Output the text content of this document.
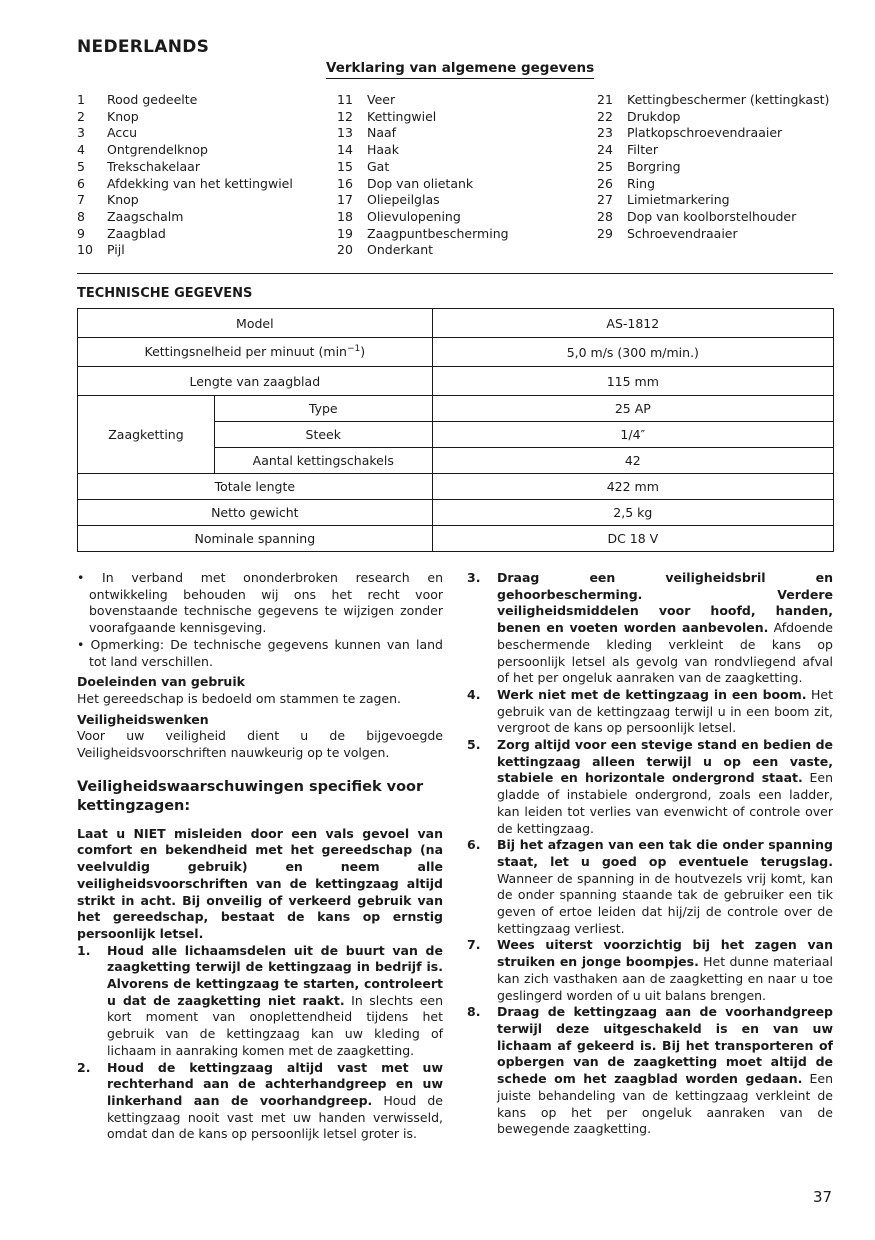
NEDERLANDS
Verklaring van algemene gegevens
1	Rood gedeelte
2	Knop
3	Accu
4	Ontgrendelknop
5	Trekschakelaar
6	Afdekking van het kettingwiel
7	Knop
8	Zaagschalm
9	Zaagblad
10	Pijl
11	Veer
12	Kettingwiel
13	Naaf
14	Haak
15	Gat
16	Dop van olietank
17	Oliepeilglas
18	Olievulopening
19	Zaagpuntbescherming
20	Onderkant
21	Kettingbeschermer (kettingkast)
22	Drukdop
23	Platkopschroevendraaier
24	Filter
25	Borgring
26	Ring
27	Limietmarkering
28	Dop van koolborstelhouder
29	Schroevendraaier
TECHNISCHE GEGEVENS
Model		AS-1812
Kettingsnelheid per minuut $(\min^{-1})$		5,0 m/s (300 m/min.)
Lengte van zaagblad		115 mm
Zaagketting	Type	25 AP
	Steek	1/4″
	Aantal kettingschakels	42
Totale lengte		422 mm
Netto gewicht		2,5 kg
Nominale spanning		DC 18 V
• In verband met ononderbroken research en ontwikkeling behouden wij ons het recht voor bovenstaande technische gegevens te wijzigen zonder voorafgaande kennisgeving.
• Opmerking: De technische gegevens kunnen van land tot land verschillen.
Doeleinden van gebruik
Het gereedschap is bedoeld om stammen te zagen.
Veiligheidswenken
Voor uw veiligheid dient u de bijgevoegde Veiligheidsvoorschriften nauwkeurig op te volgen.
Veiligheidswaarschuwingen specifiek voor kettingzagen:
Laat u NIET misleiden door een vals gevoel van comfort en bekendheid met het gereedschap (na veelvuldig gebruik) en neem alle veiligheidsvoorschriften van de kettingzaag altijd strikt in acht. Bij onveilig of verkeerd gebruik van het gereedschap, bestaat de kans op ernstig persoonlijk letsel.
1.	Houd alle lichaamsdelen uit de buurt van de zaagketting terwijl de kettingzaag in bedrijf is. Alvorens de kettingzaag te starten, controleert u dat de zaagketting niet raakt. In slechts een kort moment van onoplettendheid tijdens het gebruik van de kettingzaag kan uw kleding of lichaam in aanraking komen met de zaagketting.
2.	Houd de kettingzaag altijd vast met uw rechterhand aan de achterhandgreep en uw linkerhand aan de voorhandgreep. Houd de kettingzaag nooit vast met uw handen verwisseld, omdat dan de kans op persoonlijk letsel groter is.
3.	Draag een veiligheidsbril en gehoorbescherming. Verdere veiligheidsmiddelen voor hoofd, handen, benen en voeten worden aanbevolen. Afdoende beschermende kleding verkleint de kans op persoonlijk letsel als gevolg van rondvliegend afval of het per ongeluk aanraken van de zaagketting.
4.	Werk niet met de kettingzaag in een boom. Het gebruik van de kettingzaag terwijl u in een boom zit, vergroot de kans op persoonlijk letsel.
5.	Zorg altijd voor een stevige stand en bedien de kettingzaag alleen terwijl u op een vaste, stabiele en horizontale ondergrond staat. Een gladde of instabiele ondergrond, zoals een ladder, kan leiden tot verlies van evenwicht of controle over de kettingzaag.
6.	Bij het afzagen van een tak die onder spanning staat, let u goed op eventuele terugslag. Wanneer de spanning in de houtvezels vrij komt, kan de onder spanning staande tak de gebruiker een tik geven of ertoe leiden dat hij/zij de controle over de kettingzaag verliest.
7.	Wees uiterst voorzichtig bij het zagen van struiken en jonge boompjes. Het dunne materiaal kan zich vasthaken aan de zaagketting en naar u toe geslingerd worden of u uit balans brengen.
8.	Draag de kettingzaag aan de voorhandgreep terwijl deze uitgeschakeld is en van uw lichaam af gekeerd is. Bij het transporteren of opbergen van de zaagketting moet altijd de schede om het zaagblad worden gedaan. Een juiste behandeling van de kettingzaag verkleint de kans op het per ongeluk aanraken van de bewegende zaagketting.
37
